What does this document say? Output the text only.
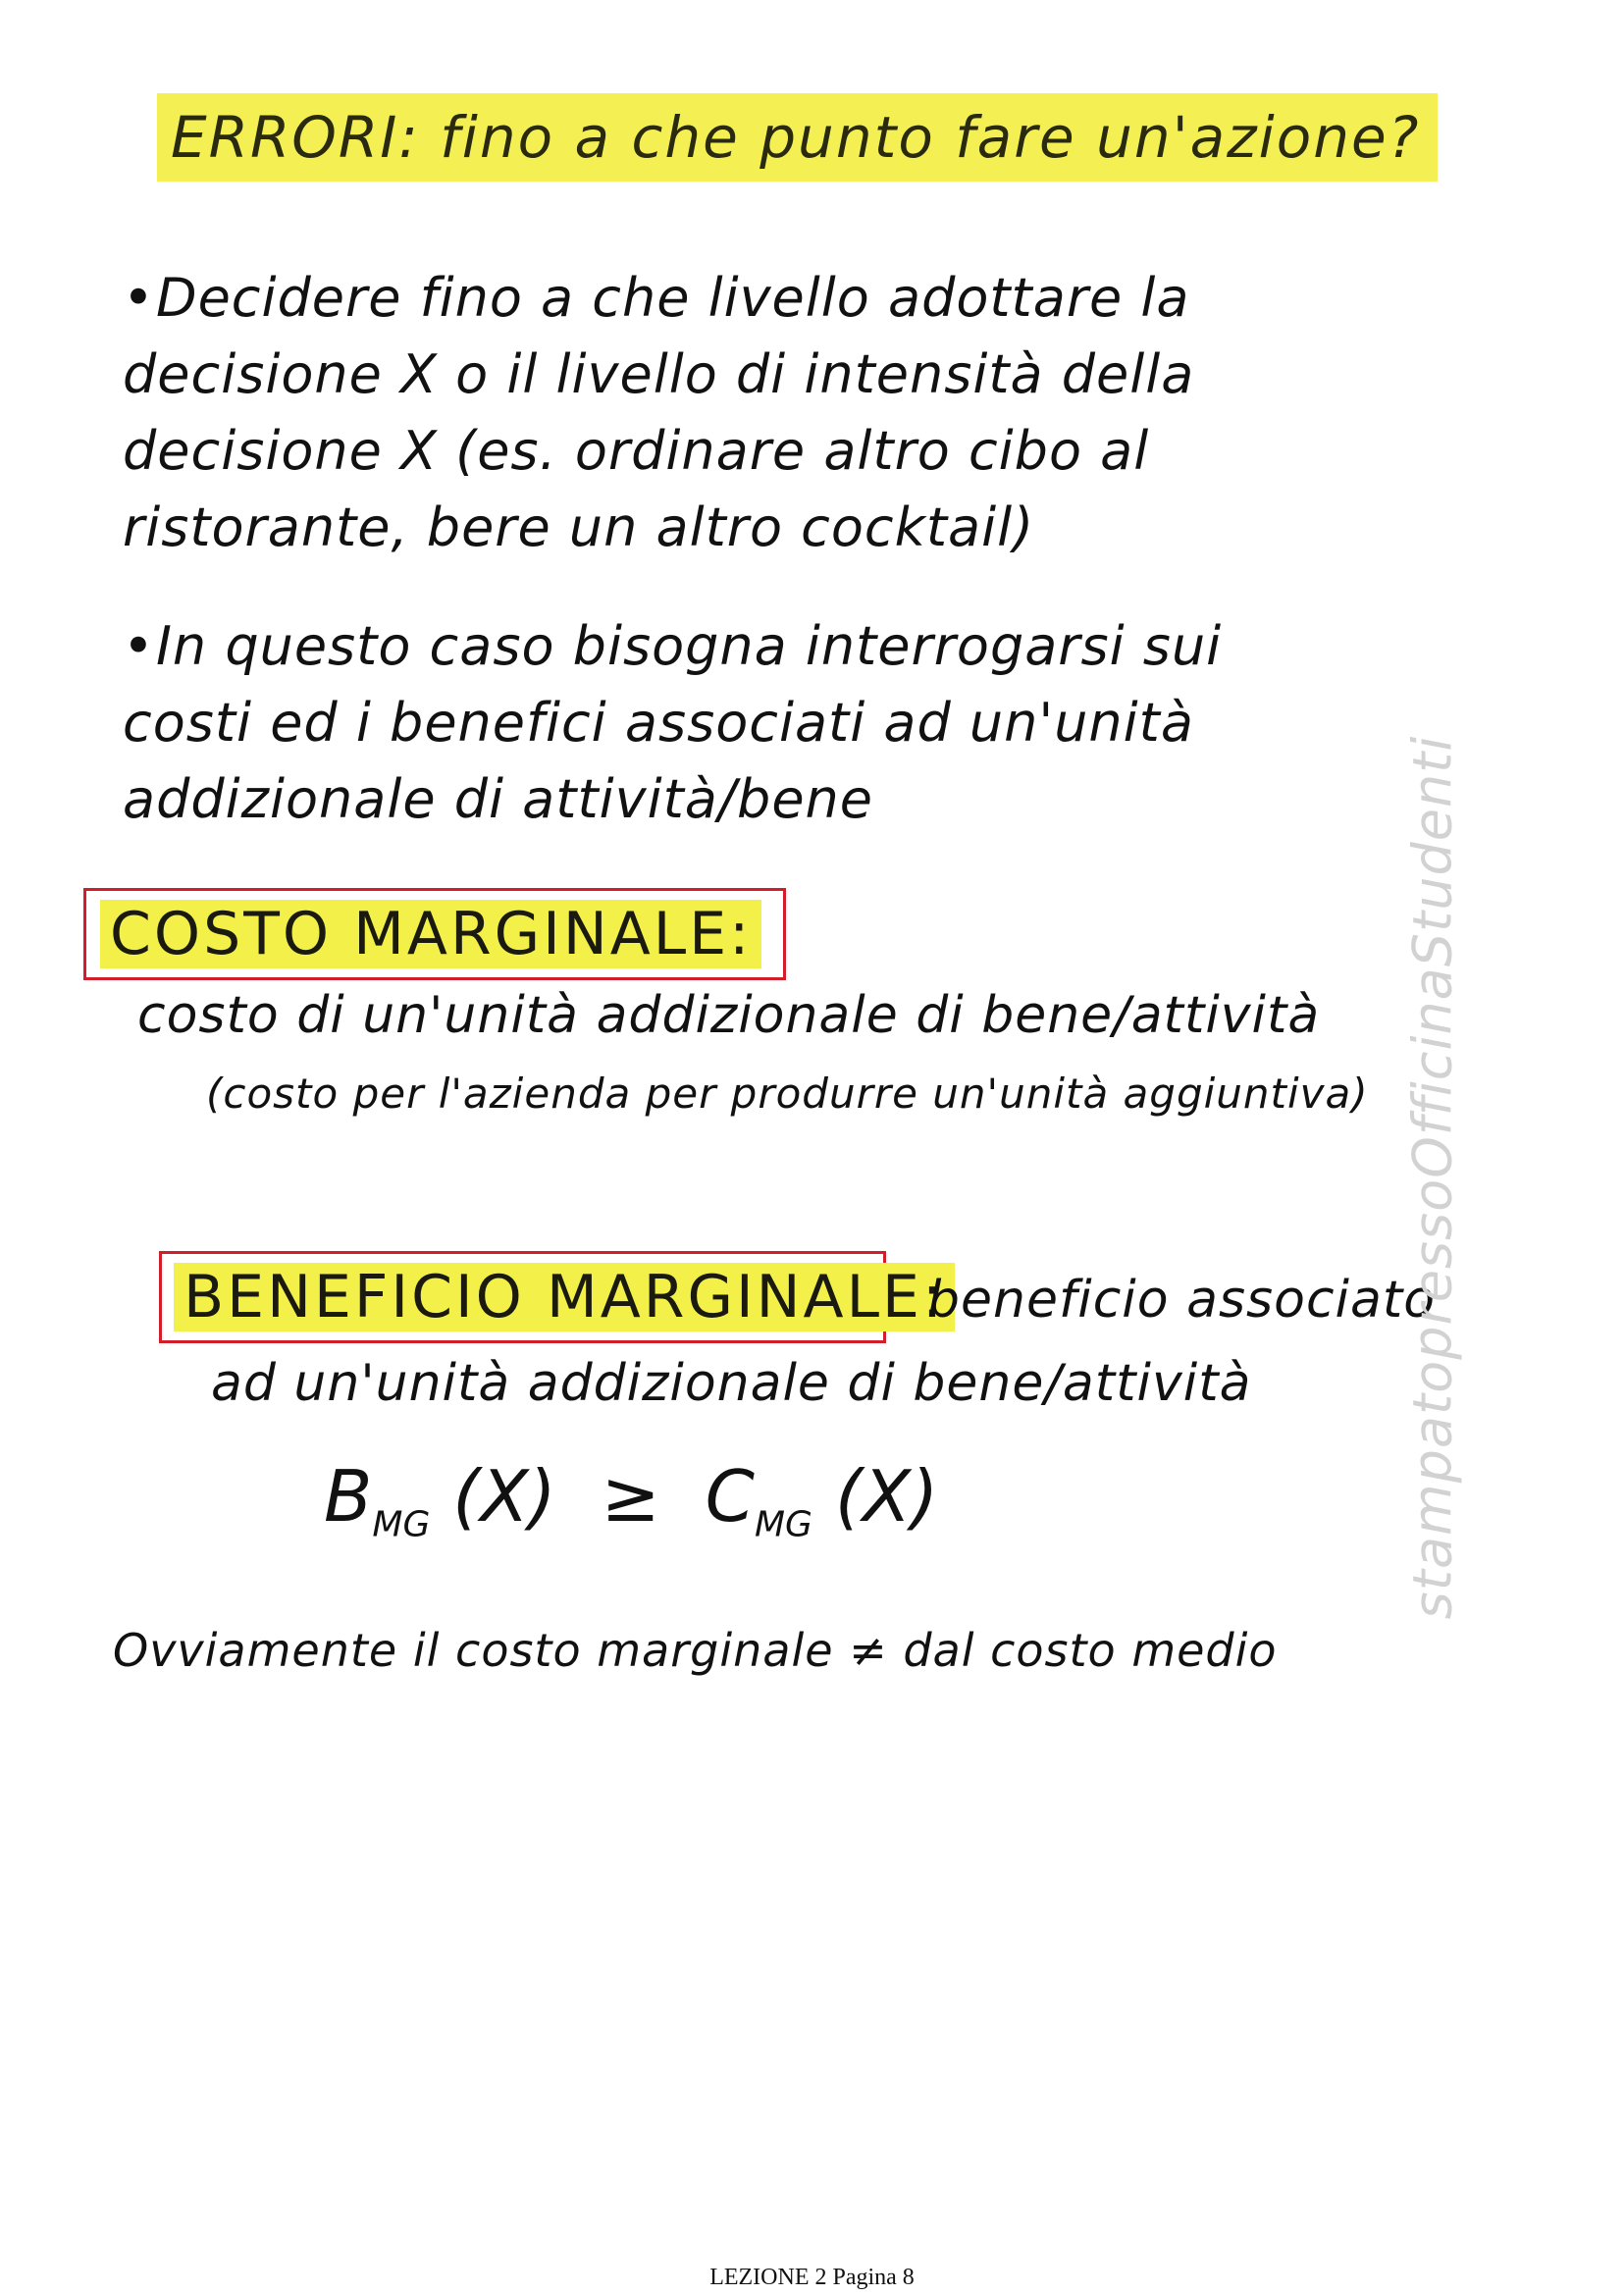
ERRORI: fino a che punto fare un'azione?
•Decidere fino a che livello adottare la
decisione X o il livello di intensità della
decisione X (es. ordinare altro cibo al
ristorante, bere un altro cocktail)
•In questo caso bisogna interrogarsi sui
costi ed i benefici associati ad un'unità
addizionale di attività/bene
COSTO MARGINALE:
costo di un'unità addizionale di bene/attività
(costo per l'azienda per produrre un'unità aggiuntiva)
BENEFICIO MARGINALE:
beneficio associato
ad un'unità addizionale di bene/attività
$B_{MG}$ $(X) \ge C_{MG}$ (X)
Ovviamente il costo marginale ≠ dal costo medio
stampatopressoOfficinaStudenti
LEZIONE 2 Pagina 8
